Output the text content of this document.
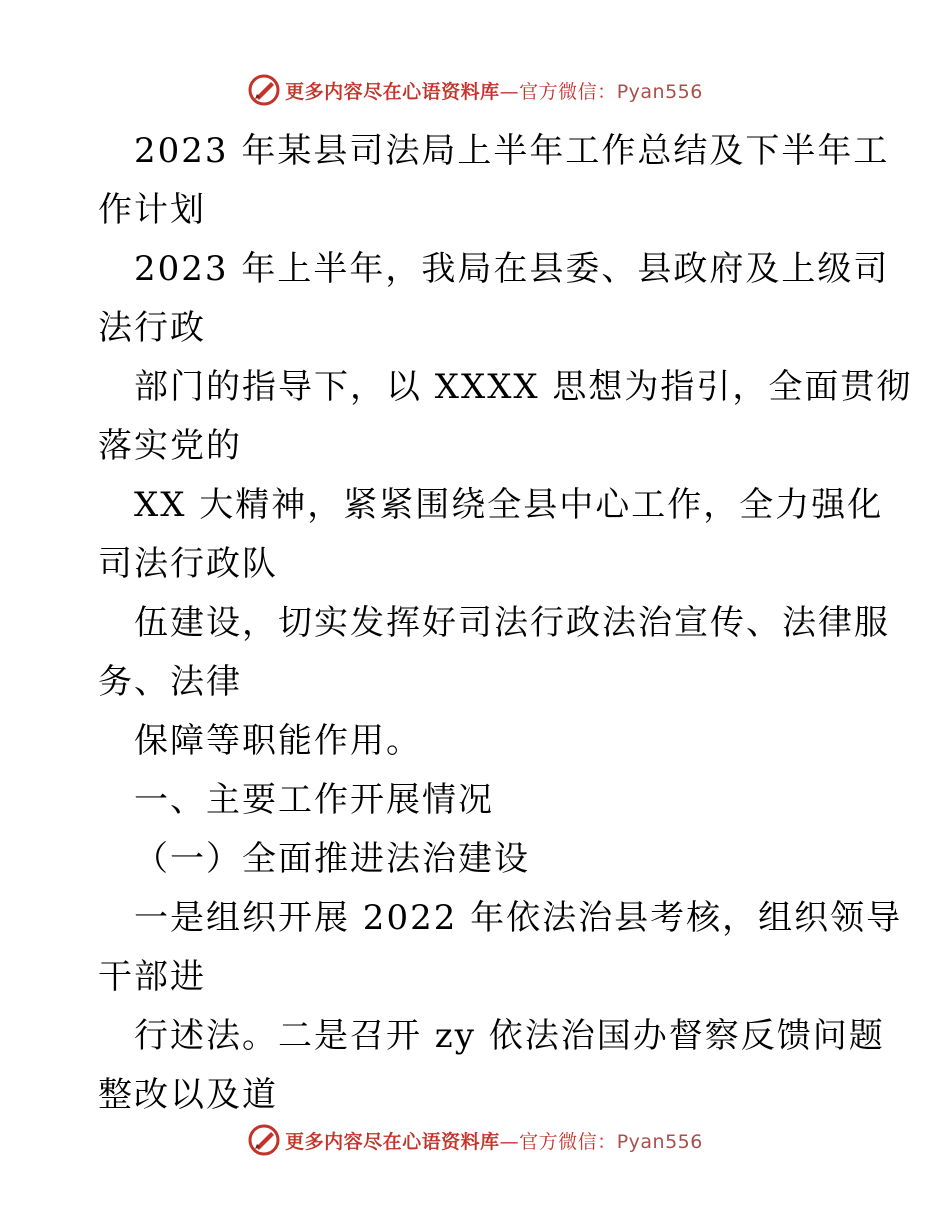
更多内容尽在心语资料库—官方微信：Pyan556
2023 年某县司法局上半年工作总结及下半年工
作计划
2023 年上半年，我局在县委、县政府及上级司
法行政
部门的指导下，以 XXXX 思想为指引，全面贯彻
落实党的
XX 大精神，紧紧围绕全县中心工作，全力强化
司法行政队
伍建设，切实发挥好司法行政法治宣传、法律服
务、法律
保障等职能作用。
一、主要工作开展情况
（一）全面推进法治建设
一是组织开展 2022 年依法治县考核，组织领导
干部进
行述法。二是召开 zy 依法治国办督察反馈问题
整改以及道
更多内容尽在心语资料库—官方微信：Pyan556
